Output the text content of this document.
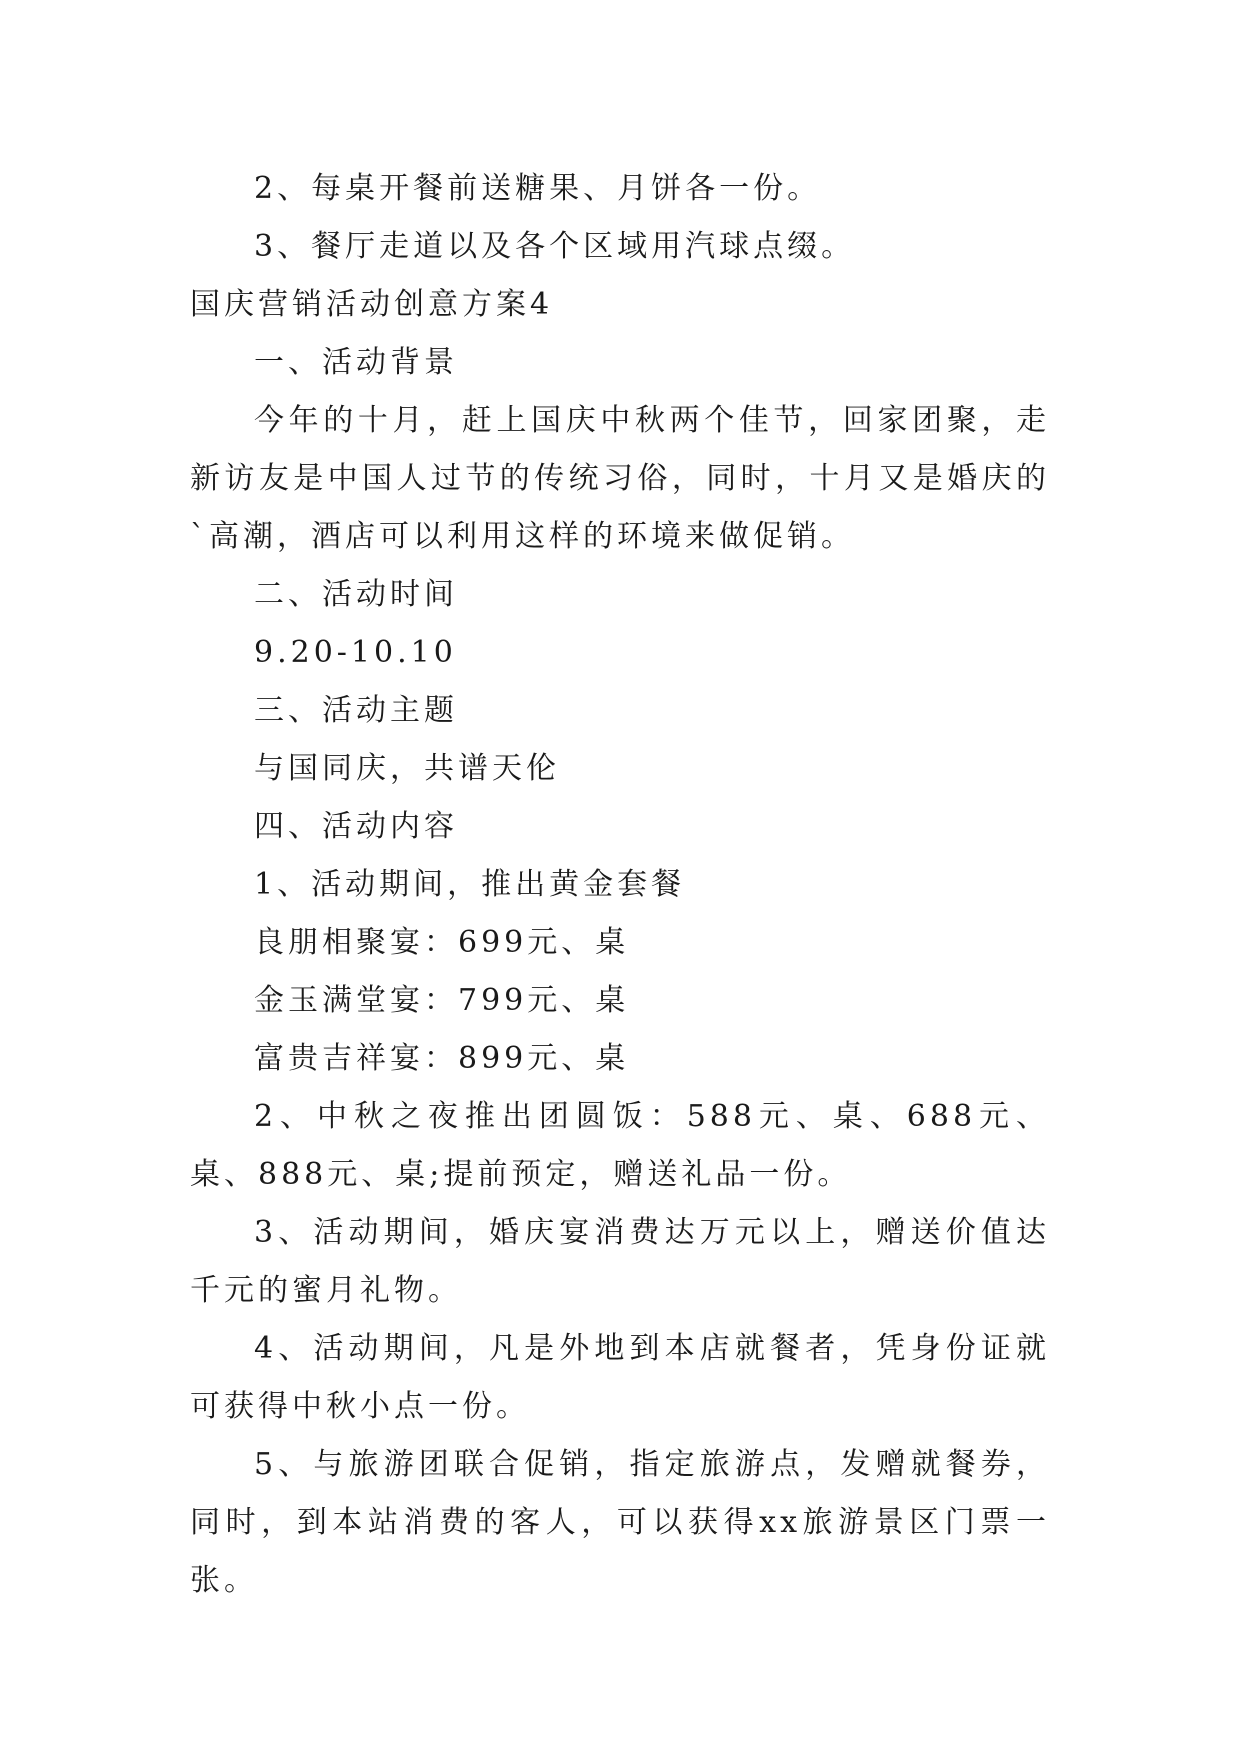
2、每桌开餐前送糖果、月饼各一份。
3、餐厅走道以及各个区域用汽球点缀。
国庆营销活动创意方案4
一、活动背景

今年的十月，赶上国庆中秋两个佳节，回家团聚，走新访友是中国人过节的传统习俗，同时，十月又是婚庆的`高潮，酒店可以利用这样的环境来做促销。

二、活动时间
9.20-10.10
三、活动主题
与国同庆，共谱天伦
四、活动内容
1、活动期间，推出黄金套餐
良朋相聚宴：699元、桌
金玉满堂宴：799元、桌
富贵吉祥宴：899元、桌

2、中秋之夜推出团圆饭：588元、桌、688元、桌、888元、桌;提前预定，赠送礼品一份。

3、活动期间，婚庆宴消费达万元以上，赠送价值达千元的蜜月礼物。

4、活动期间，凡是外地到本店就餐者，凭身份证就可获得中秋小点一份。

5、与旅游团联合促销，指定旅游点，发赠就餐券，同时，到本站消费的客人，可以获得xx旅游景区门票一张。
